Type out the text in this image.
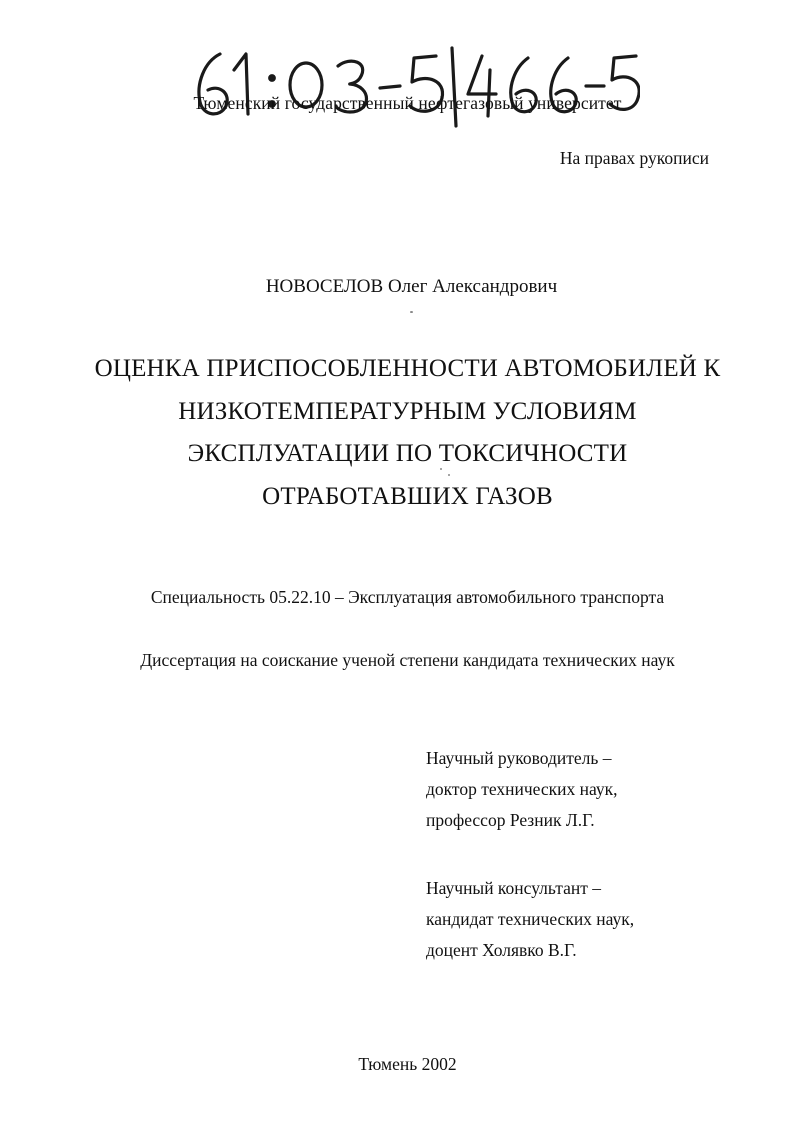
Тюменский государственный нефтегазовый университет
На правах рукописи
НОВОСЕЛОВ Олег Александрович
ОЦЕНКА ПРИСПОСОБЛЕННОСТИ АВТОМОБИЛЕЙ К
НИЗКОТЕМПЕРАТУРНЫМ УСЛОВИЯМ
ЭКСПЛУАТАЦИИ ПО ТОКСИЧНОСТИ
ОТРАБОТАВШИХ ГАЗОВ
Специальность 05.22.10 – Эксплуатация автомобильного транспорта
Диссертация на соискание ученой степени кандидата технических наук
Научный руководитель –
доктор технических наук,
профессор Резник Л.Г.
Научный консультант –
кандидат технических наук,
доцент Холявко В.Г.
Тюмень 2002
